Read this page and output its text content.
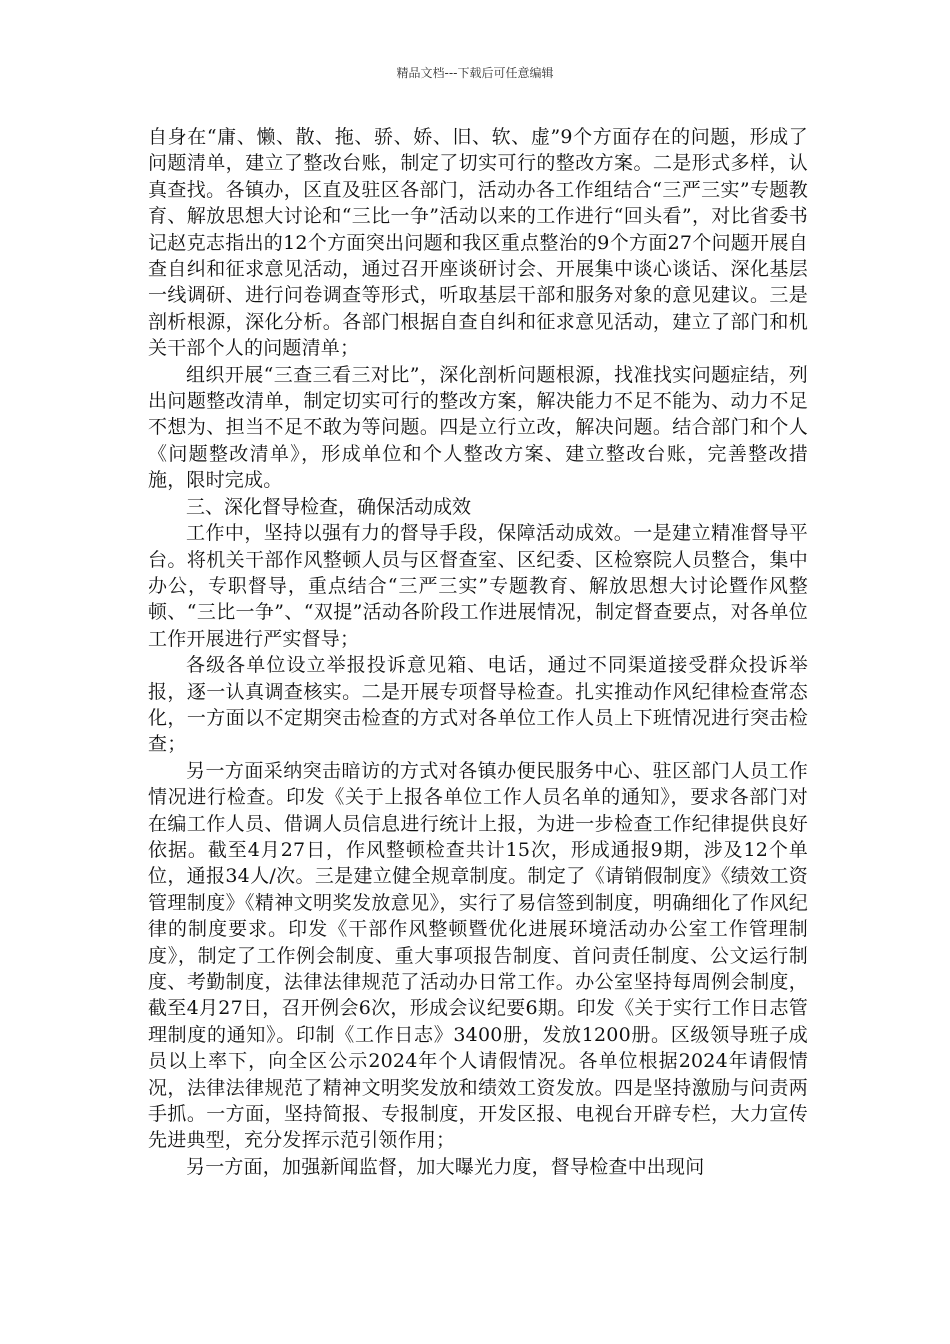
精品文档---下载后可任意编辑

自身在“庸、懒、散、拖、骄、娇、旧、软、虚”9个方面存在的问题，形成了问题清单，建立了整改台账，制定了切实可行的整改方案。二是形式多样，认真查找。各镇办，区直及驻区各部门，活动办各工作组结合“三严三实”专题教育、解放思想大讨论和“三比一争”活动以来的工作进行“回头看”，对比省委书记赵克志指出的12个方面突出问题和我区重点整治的9个方面27个问题开展自查自纠和征求意见活动，通过召开座谈研讨会、开展集中谈心谈话、深化基层一线调研、进行问卷调查等形式，听取基层干部和服务对象的意见建议。三是剖析根源，深化分析。各部门根据自查自纠和征求意见活动，建立了部门和机关干部个人的问题清单；

组织开展“三查三看三对比”，深化剖析问题根源，找准找实问题症结，列出问题整改清单，制定切实可行的整改方案，解决能力不足不能为、动力不足不想为、担当不足不敢为等问题。四是立行立改，解决问题。结合部门和个人《问题整改清单》，形成单位和个人整改方案、建立整改台账，完善整改措施，限时完成。

三、深化督导检查，确保活动成效

工作中，坚持以强有力的督导手段，保障活动成效。一是建立精准督导平台。将机关干部作风整顿人员与区督查室、区纪委、区检察院人员整合，集中办公，专职督导，重点结合“三严三实”专题教育、解放思想大讨论暨作风整顿、“三比一争”、“双提”活动各阶段工作进展情况，制定督查要点，对各单位工作开展进行严实督导；

各级各单位设立举报投诉意见箱、电话，通过不同渠道接受群众投诉举报，逐一认真调查核实。二是开展专项督导检查。扎实推动作风纪律检查常态化，一方面以不定期突击检查的方式对各单位工作人员上下班情况进行突击检查；

另一方面采纳突击暗访的方式对各镇办便民服务中心、驻区部门人员工作情况进行检查。印发《关于上报各单位工作人员名单的通知》，要求各部门对在编工作人员、借调人员信息进行统计上报，为进一步检查工作纪律提供良好依据。截至4月27日，作风整顿检查共计15次，形成通报9期，涉及12个单位，通报34人/次。三是建立健全规章制度。制定了《请销假制度》《绩效工资管理制度》《精神文明奖发放意见》，实行了易信签到制度，明确细化了作风纪律的制度要求。印发《干部作风整顿暨优化进展环境活动办公室工作管理制度》，制定了工作例会制度、重大事项报告制度、首问责任制度、公文运行制度、考勤制度，法律法律规范了活动办日常工作。办公室坚持每周例会制度，截至4月27日，召开例会6次，形成会议纪要6期。印发《关于实行工作日志管理制度的通知》。印制《工作日志》3400册，发放1200册。区级领导班子成员以上率下，向全区公示2024年个人请假情况。各单位根据2024年请假情况，法律法律规范了精神文明奖发放和绩效工资发放。四是坚持激励与问责两手抓。一方面，坚持简报、专报制度，开发区报、电视台开辟专栏，大力宣传先进典型，充分发挥示范引领作用；

另一方面，加强新闻监督，加大曝光力度，督导检查中出现问
